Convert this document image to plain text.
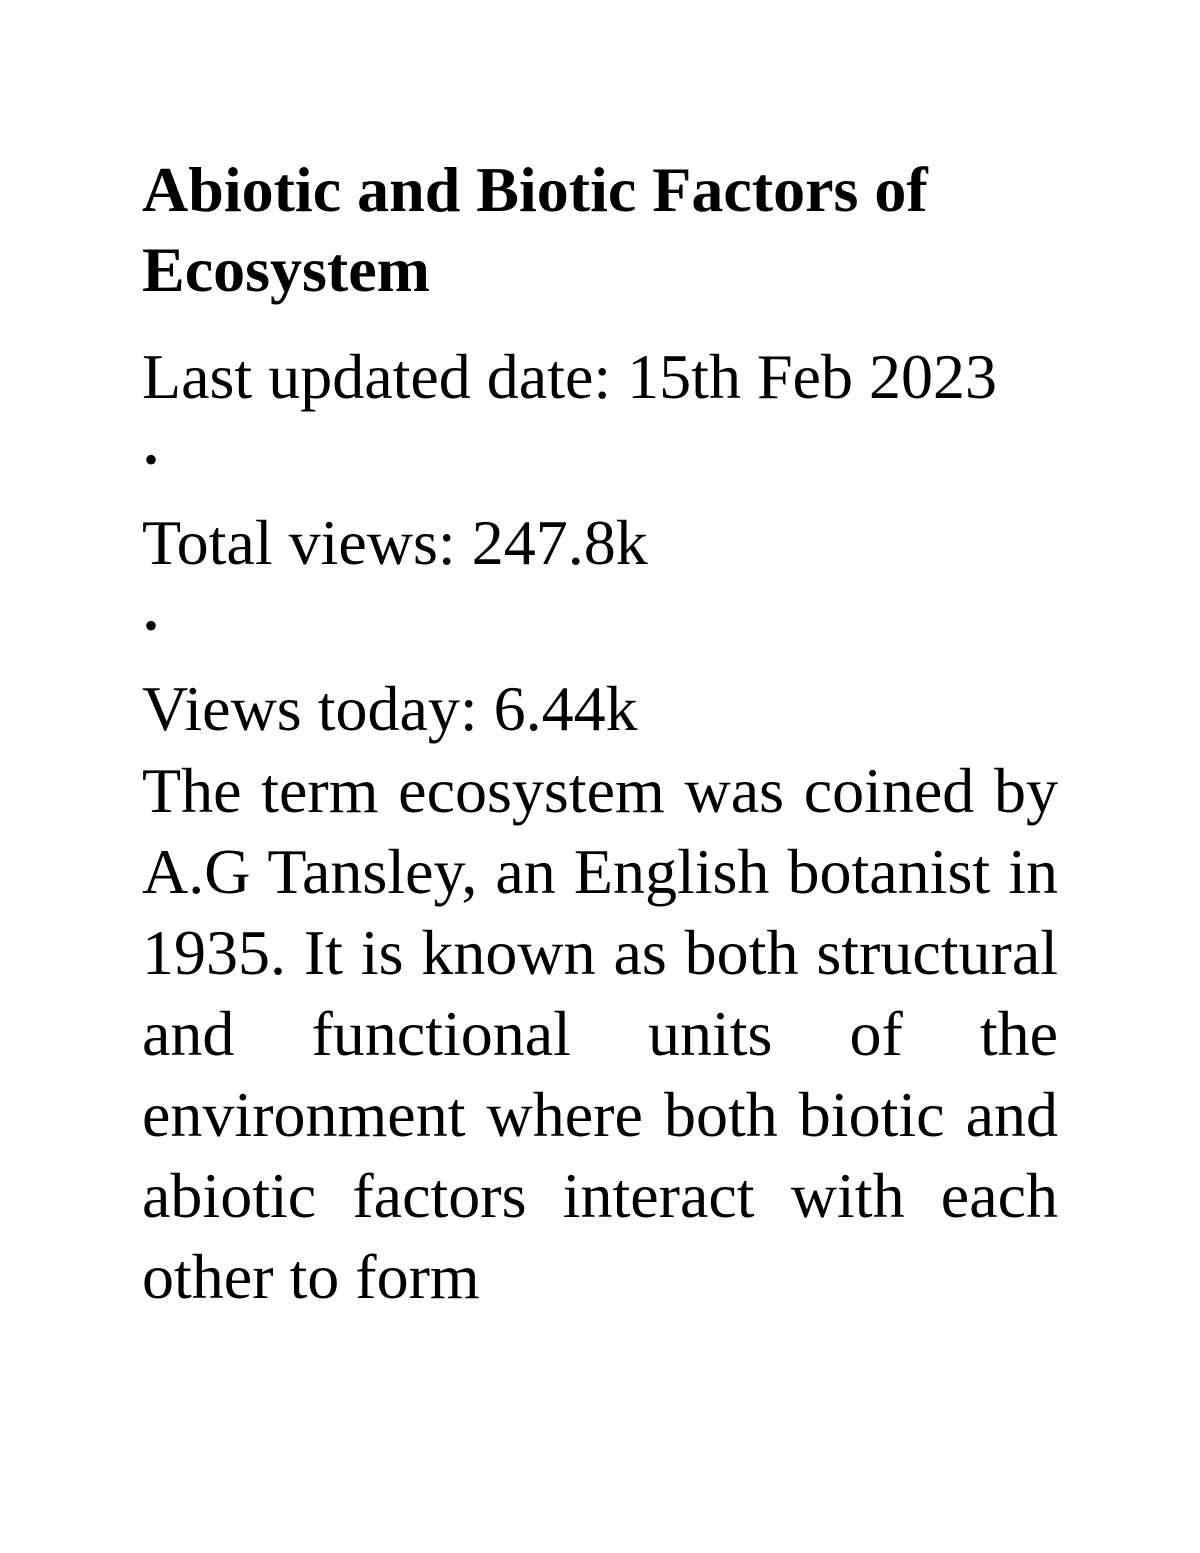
Abiotic and Biotic Factors of Ecosystem
Last updated date: 15th Feb 2023
•
Total views: 247.8k
•
Views today: 6.44k

The term ecosystem was coined by A.G Tansley, an English botanist in 1935. It is known as both structural and functional units of the environment where both biotic and abiotic factors interact with each other to form
